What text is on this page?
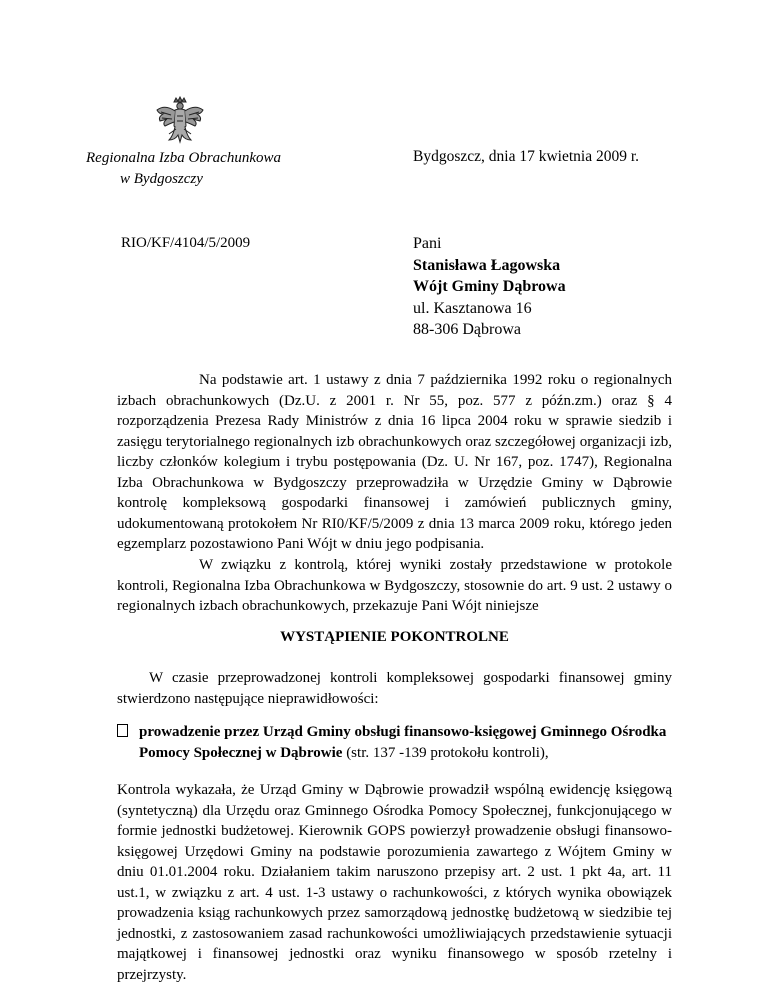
Regionalna Izba Obrachunkowa
w Bydgoszczy
Bydgoszcz, dnia 17 kwietnia 2009 r.
RIO/KF/4104/5/2009	Pani
Stanisława Łagowska
Wójt Gminy Dąbrowa
ul. Kasztanowa 16
88-306 Dąbrowa
Na podstawie art. 1 ustawy z dnia 7 października 1992 roku o regionalnych izbach obrachunkowych (Dz.U. z 2001 r. Nr 55, poz. 577 z późn.zm.) oraz § 4 rozporządzenia Prezesa Rady Ministrów z dnia 16 lipca 2004 roku w sprawie siedzib i zasięgu terytorialnego regionalnych izb obrachunkowych oraz szczegółowej organizacji izb, liczby członków kolegium i trybu postępowania (Dz. U. Nr 167, poz. 1747), Regionalna Izba Obrachunkowa w Bydgoszczy przeprowadziła w Urzędzie Gminy w Dąbrowie kontrolę kompleksową gospodarki finansowej i zamówień publicznych gminy, udokumentowaną protokołem Nr RI0/KF/5/2009 z dnia 13 marca 2009 roku, którego jeden egzemplarz pozostawiono Pani Wójt w dniu jego podpisania.
W związku z kontrolą, której wyniki zostały przedstawione w protokole kontroli, Regionalna Izba Obrachunkowa w Bydgoszczy, stosownie do art. 9 ust. 2 ustawy o regionalnych izbach obrachunkowych, przekazuje Pani Wójt niniejsze
WYSTĄPIENIE POKONTROLNE
W czasie przeprowadzonej kontroli kompleksowej gospodarki finansowej gminy stwierdzono następujące nieprawidłowości:
prowadzenie przez Urząd Gminy obsługi finansowo-księgowej Gminnego Ośrodka
Pomocy Społecznej w Dąbrowie (str. 137 -139 protokołu kontroli),
Kontrola wykazała, że Urząd Gminy w Dąbrowie prowadził wspólną ewidencję księgową (syntetyczną) dla Urzędu oraz Gminnego Ośrodka Pomocy Społecznej, funkcjonującego w formie jednostki budżetowej. Kierownik GOPS powierzył prowadzenie obsługi finansowo-księgowej Urzędowi Gminy na podstawie porozumienia zawartego z Wójtem Gminy w dniu 01.01.2004 roku. Działaniem takim naruszono przepisy art. 2 ust. 1 pkt 4a, art. 11 ust.1, w związku z art. 4 ust. 1-3 ustawy o rachunkowości, z których wynika obowiązek prowadzenia ksiąg rachunkowych przez samorządową jednostkę budżetową w siedzibie tej jednostki, z zastosowaniem zasad rachunkowości umożliwiających przedstawienie sytuacji majątkowej i finansowej jednostki oraz wyniku finansowego w sposób rzetelny i przejrzysty.
